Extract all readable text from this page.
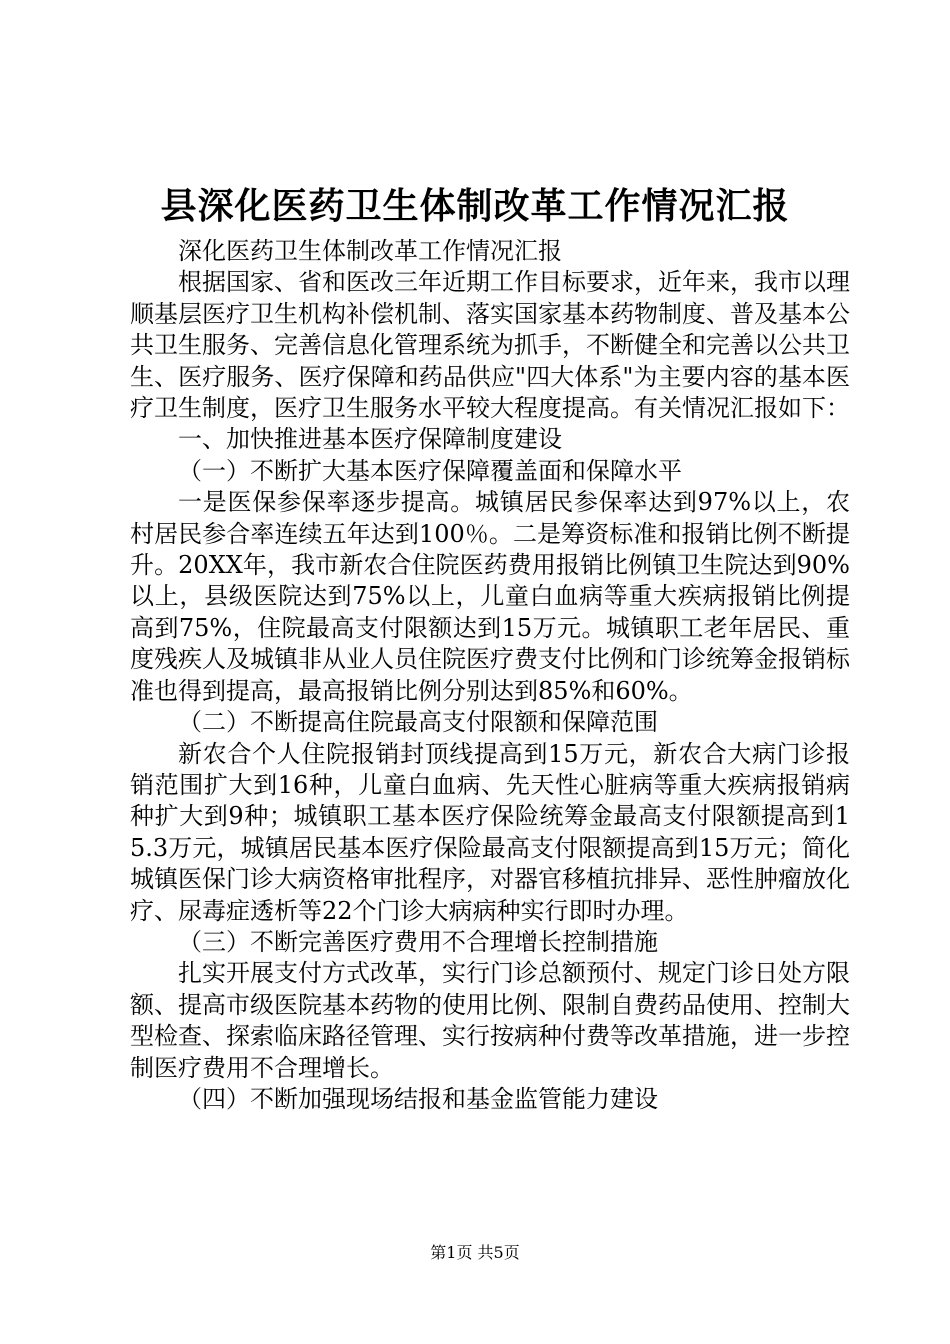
县深化医药卫生体制改革工作情况汇报

深化医药卫生体制改革工作情况汇报

根据国家、省和医改三年近期工作目标要求，近年来，我市以理顺基层医疗卫生机构补偿机制、落实国家基本药物制度、普及基本公共卫生服务、完善信息化管理系统为抓手，不断健全和完善以公共卫生、医疗服务、医疗保障和药品供应"四大体系"为主要内容的基本医疗卫生制度，医疗卫生服务水平较大程度提高。有关情况汇报如下：

一、加快推进基本医疗保障制度建设

（一）不断扩大基本医疗保障覆盖面和保障水平

一是医保参保率逐步提高。城镇居民参保率达到97%以上，农村居民参合率连续五年达到100％。二是筹资标准和报销比例不断提升。20XX年，我市新农合住院医药费用报销比例镇卫生院达到90%以上，县级医院达到75%以上，儿童白血病等重大疾病报销比例提高到75%，住院最高支付限额达到15万元。城镇职工老年居民、重度残疾人及城镇非从业人员住院医疗费支付比例和门诊统筹金报销标准也得到提高，最高报销比例分别达到85%和60%。

（二）不断提高住院最高支付限额和保障范围

新农合个人住院报销封顶线提高到15万元，新农合大病门诊报销范围扩大到16种，儿童白血病、先天性心脏病等重大疾病报销病种扩大到9种；城镇职工基本医疗保险统筹金最高支付限额提高到15.3万元，城镇居民基本医疗保险最高支付限额提高到15万元；简化城镇医保门诊大病资格审批程序，对器官移植抗排异、恶性肿瘤放化疗、尿毒症透析等22个门诊大病病种实行即时办理。

（三）不断完善医疗费用不合理增长控制措施

扎实开展支付方式改革，实行门诊总额预付、规定门诊日处方限额、提高市级医院基本药物的使用比例、限制自费药品使用、控制大型检查、探索临床路径管理、实行按病种付费等改革措施，进一步控制医疗费用不合理增长。

（四）不断加强现场结报和基金监管能力建设

第1页 共5页
